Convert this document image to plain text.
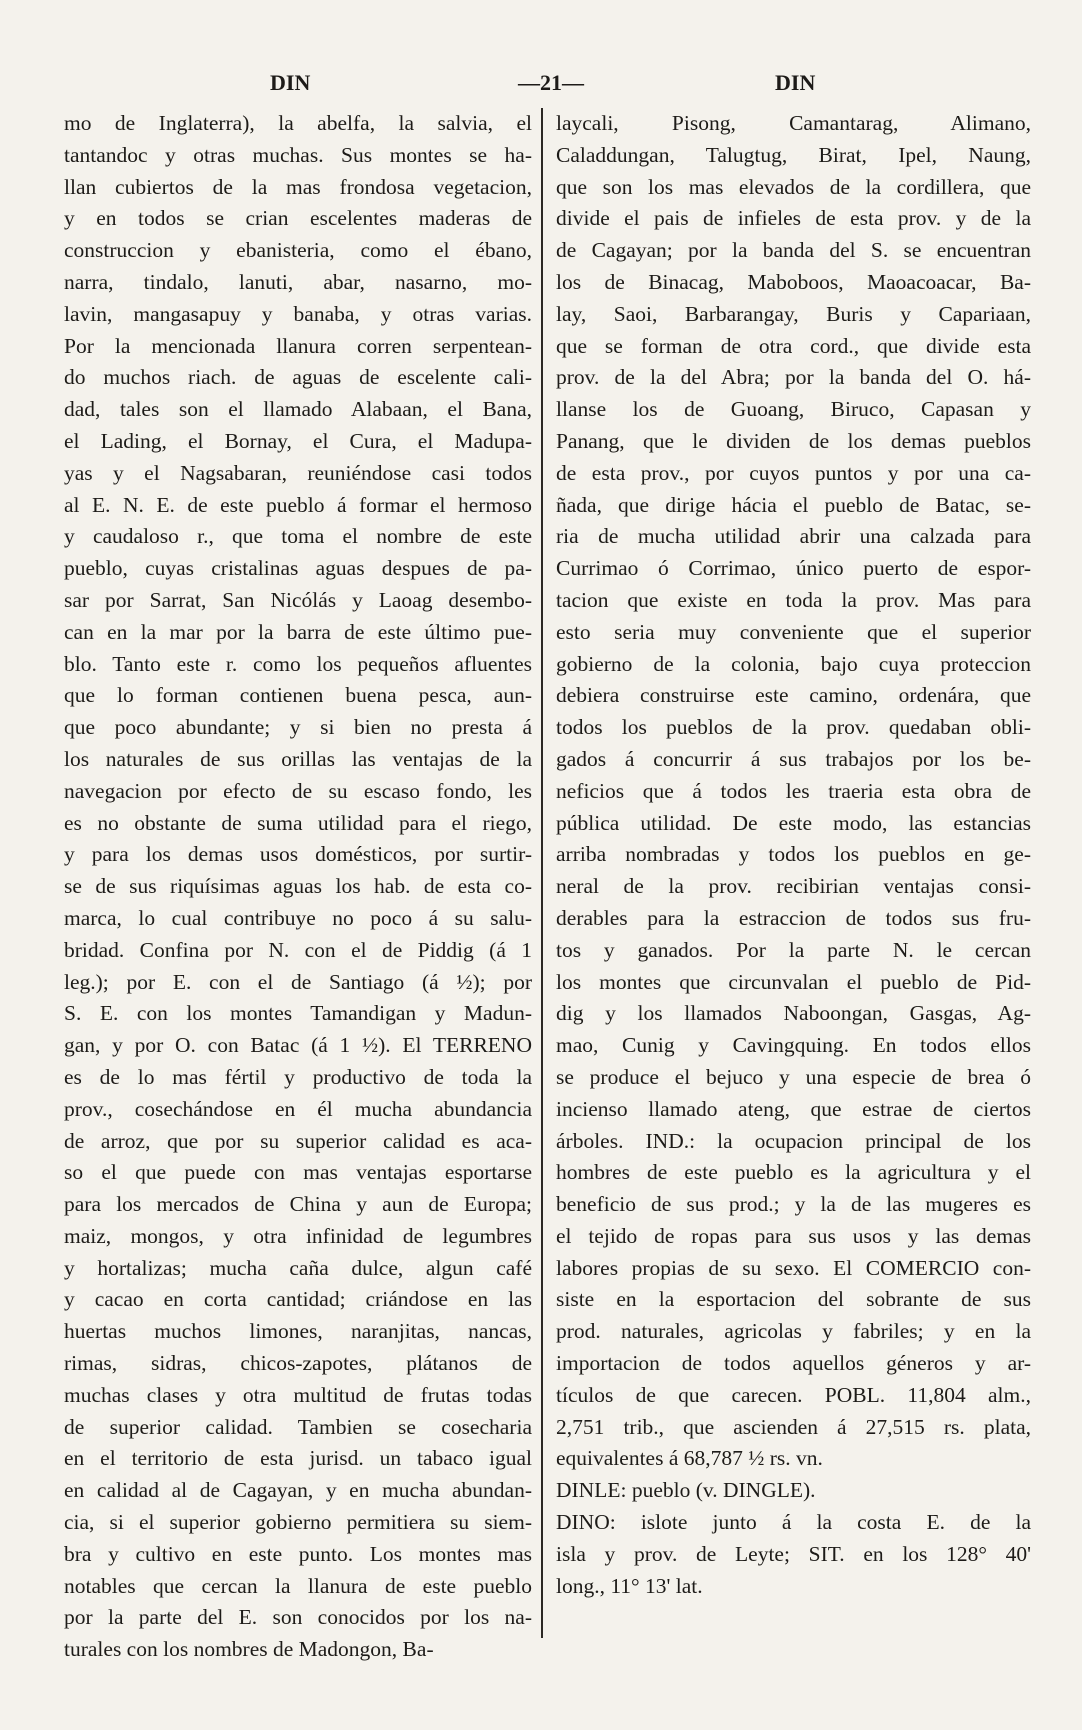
DIN	—21—	DIN
mo de Inglaterra), la abelfa, la salvia, el
tantandoc y otras muchas. Sus montes se ha-
llan cubiertos de la mas frondosa vegetacion,
y en todos se crian escelentes maderas de
construccion y ebanisteria, como el ébano,
narra, tindalo, lanuti, abar, nasarno, mo-
lavin, mangasapuy y banaba, y otras varias.
Por la mencionada llanura corren serpentean-
do muchos riach. de aguas de escelente cali-
dad, tales son el llamado Alabaan, el Bana,
el Lading, el Bornay, el Cura, el Madupa-
yas y el Nagsabaran, reuniéndose casi todos
al E. N. E. de este pueblo á formar el hermoso
y caudaloso r., que toma el nombre de este
pueblo, cuyas cristalinas aguas despues de pa-
sar por Sarrat, San Nicólás y Laoag desembo-
can en la mar por la barra de este último pue-
blo. Tanto este r. como los pequeños afluentes
que lo forman contienen buena pesca, aun-
que poco abundante; y si bien no presta á
los naturales de sus orillas las ventajas de la
navegacion por efecto de su escaso fondo, les
es no obstante de suma utilidad para el riego,
y para los demas usos domésticos, por surtir-
se de sus riquísimas aguas los hab. de esta co-
marca, lo cual contribuye no poco á su salu-
bridad. Confina por N. con el de Piddig (á 1
leg.); por E. con el de Santiago (á ½); por
S. E. con los montes Tamandigan y Madun-
gan, y por O. con Batac (á 1 ½). El TERRENO
es de lo mas fértil y productivo de toda la
prov., cosechándose en él mucha abundancia
de arroz, que por su superior calidad es aca-
so el que puede con mas ventajas esportarse
para los mercados de China y aun de Europa;
maiz, mongos, y otra infinidad de legumbres
y hortalizas; mucha caña dulce, algun café
y cacao en corta cantidad; criándose en las
huertas muchos limones, naranjitas, nancas,
rimas, sidras, chicos-zapotes, plátanos de
muchas clases y otra multitud de frutas todas
de superior calidad. Tambien se cosecharia
en el territorio de esta jurisd. un tabaco igual
en calidad al de Cagayan, y en mucha abundan-
cia, si el superior gobierno permitiera su siem-
bra y cultivo en este punto. Los montes mas
notables que cercan la llanura de este pueblo
por la parte del E. son conocidos por los na-
turales con los nombres de Madongon, Ba-
laycali, Pisong, Camantarag, Alimano,
Caladdungan, Talugtug, Birat, Ipel, Naung,
que son los mas elevados de la cordillera, que
divide el pais de infieles de esta prov. y de la
de Cagayan; por la banda del S. se encuentran
los de Binacag, Maboboos, Maoacoacar, Ba-
lay, Saoi, Barbarangay, Buris y Capariaan,
que se forman de otra cord., que divide esta
prov. de la del Abra; por la banda del O. há-
llanse los de Guoang, Biruco, Capasan y
Panang, que le dividen de los demas pueblos
de esta prov., por cuyos puntos y por una ca-
ñada, que dirige hácia el pueblo de Batac, se-
ria de mucha utilidad abrir una calzada para
Currimao ó Corrimao, único puerto de espor-
tacion que existe en toda la prov. Mas para
esto seria muy conveniente que el superior
gobierno de la colonia, bajo cuya proteccion
debiera construirse este camino, ordenára, que
todos los pueblos de la prov. quedaban obli-
gados á concurrir á sus trabajos por los be-
neficios que á todos les traeria esta obra de
pública utilidad. De este modo, las estancias
arriba nombradas y todos los pueblos en ge-
neral de la prov. recibirian ventajas consi-
derables para la estraccion de todos sus fru-
tos y ganados. Por la parte N. le cercan
los montes que circunvalan el pueblo de Pid-
dig y los llamados Naboongan, Gasgas, Ag-
mao, Cunig y Cavingquing. En todos ellos
se produce el bejuco y una especie de brea ó
incienso llamado ateng, que estrae de ciertos
árboles. IND.: la ocupacion principal de los
hombres de este pueblo es la agricultura y el
beneficio de sus prod.; y la de las mugeres es
el tejido de ropas para sus usos y las demas
labores propias de su sexo. El COMERCIO con-
siste en la esportacion del sobrante de sus
prod. naturales, agricolas y fabriles; y en la
importacion de todos aquellos géneros y ar-
tículos de que carecen. POBL. 11,804 alm.,
2,751 trib., que ascienden á 27,515 rs. plata,
equivalentes á 68,787 ½ rs. vn.
DINLE: pueblo (v. DINGLE).
DINO: islote junto á la costa E. de la
isla y prov. de Leyte; SIT. en los 128° 40'
long., 11° 13' lat.
